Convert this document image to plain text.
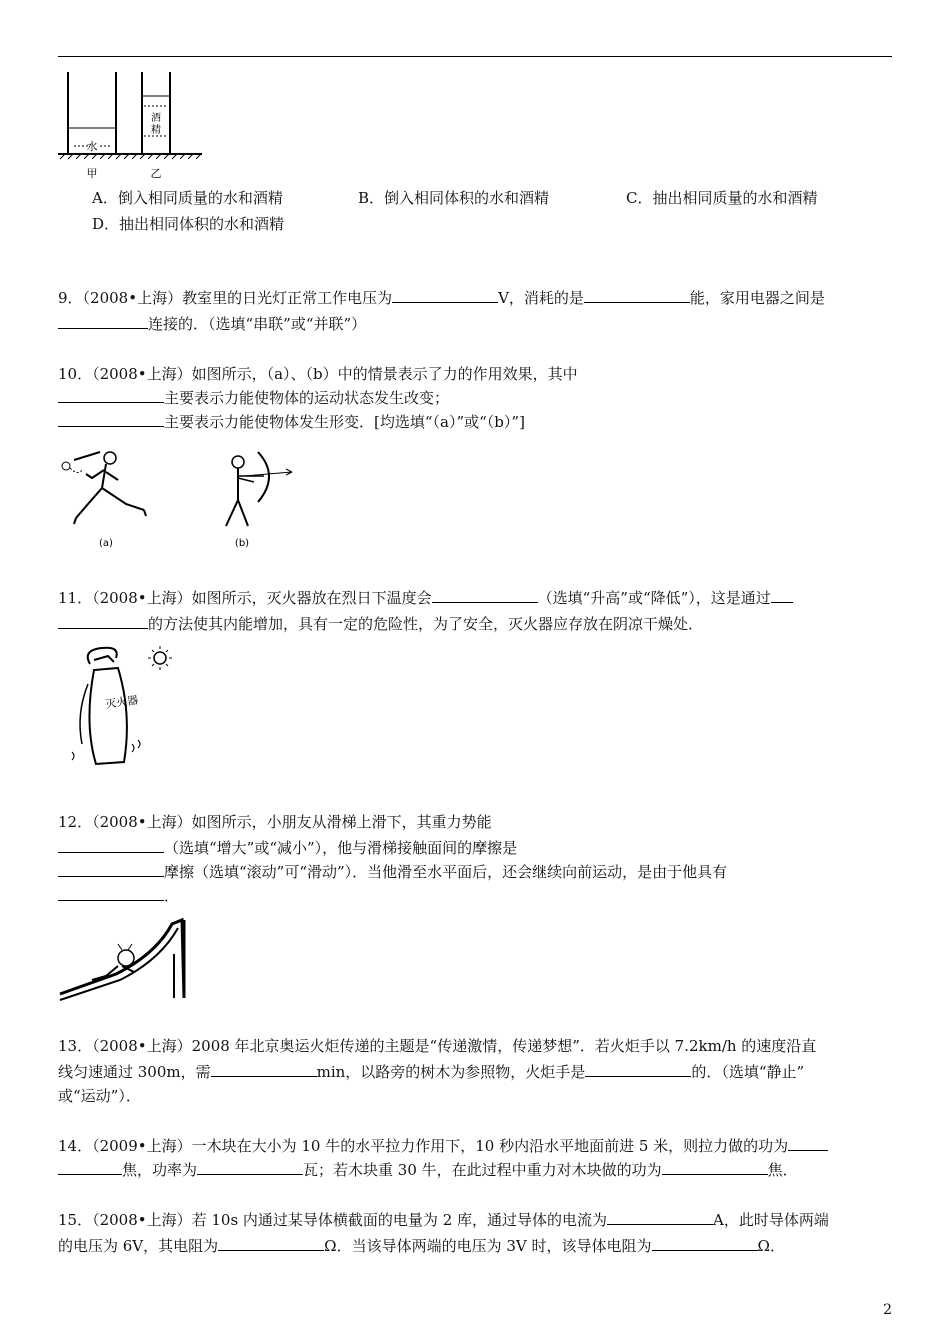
水
酒
精
甲	乙
A．倒入相同质量的水和酒精	B．倒入相同体积的水和酒精	C．抽出相同质量的水和酒精
D．抽出相同体积的水和酒精
9．（2008•上海）教室里的日光灯正常工作电压为	V，消耗的是	能，家用电器之间是
连接的．（选填“串联”或“并联”）
10．（2008•上海）如图所示，（a）、（b）中的情景表示了力的作用效果，其中
主要表示力能使物体的运动状态发生改变；
主要表示力能使物体发生形变．[均选填“（a）”或“（b）”]
(a)	(b)
11．（2008•上海）如图所示，灭火器放在烈日下温度会	（选填“升高”或“降低”），这是通过
的方法使其内能增加，具有一定的危险性，为了安全，灭火器应存放在阴凉干燥处．
灭火器
12．（2008•上海）如图所示，小朋友从滑梯上滑下，其重力势能
（选填“增大”或“减小”），他与滑梯接触面间的摩擦是
摩擦（选填“滚动”可“滑动”）．当他滑至水平面后，还会继续向前运动，是由于他具有
．
13．（2008•上海）2008 年北京奥运火炬传递的主题是“传递激情，传递梦想”．若火炬手以 7.2km/h 的速度沿直
线匀速通过 300m，需	min，以路旁的树木为参照物，火炬手是	的．（选填“静止”
或“运动”）．
14．（2009•上海）一木块在大小为 10 牛的水平拉力作用下，10 秒内沿水平地面前进 5 米，则拉力做的功为
焦，功率为	瓦；若木块重 30 牛，在此过程中重力对木块做的功为	焦．
15．（2008•上海）若 10s 内通过某导体横截面的电量为 2 库，通过导体的电流为	A，此时导体两端
的电压为 6V，其电阻为	Ω．当该导体两端的电压为 3V 时，该导体电阻为	Ω．
2
